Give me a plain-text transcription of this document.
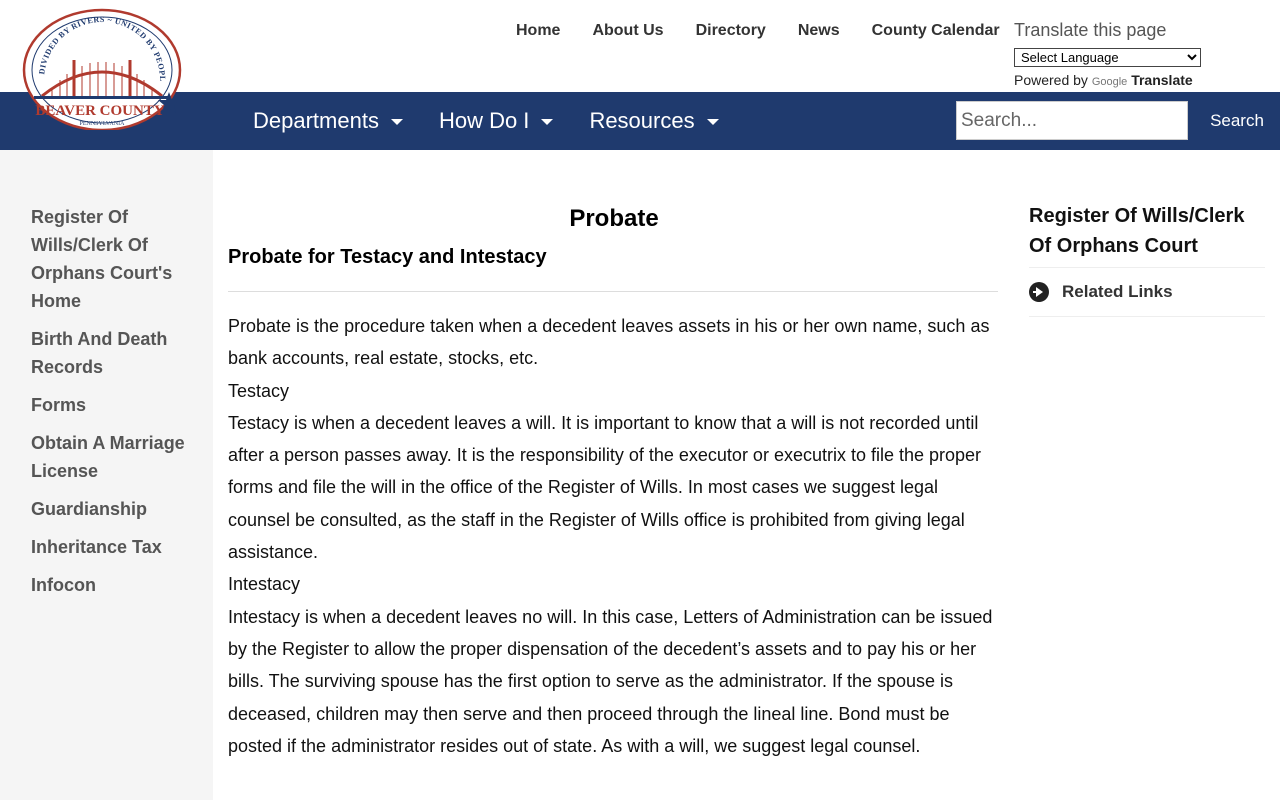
DIVIDED BY RIVERS ~ UNITED BY PEOPL
BEAVER COUNTY
PENNSYLVANIA
Home About Us Directory News County Calendar Translate this page
Select Language
Powered by Google Translate
Departments	How Do I	Resources
Search...	Search
Register Of Wills/Clerk Of Orphans Court's Home
Birth And Death Records
Forms
Obtain A Marriage License
Guardianship
Inheritance Tax
Infocon
Probate
Probate for Testacy and Intestacy

Probate is the procedure taken when a decedent leaves assets in his or her own name, such as bank accounts, real estate, stocks, etc.

Testacy

Testacy is when a decedent leaves a will. It is important to know that a will is not recorded until after a person passes away. It is the responsibility of the executor or executrix to file the proper forms and file the will in the office of the Register of Wills. In most cases we suggest legal counsel be consulted, as the staff in the Register of Wills office is prohibited from giving legal assistance.

Intestacy

Intestacy is when a decedent leaves no will. In this case, Letters of Administration can be issued by the Register to allow the proper dispensation of the decedent’s assets and to pay his or her bills. The surviving spouse has the first option to serve as the administrator. If the spouse is deceased, children may then serve and then proceed through the lineal line. Bond must be posted if the administrator resides out of state. As with a will, we suggest legal counsel.

Register Of Wills/Clerk Of Orphans Court
Related Links
